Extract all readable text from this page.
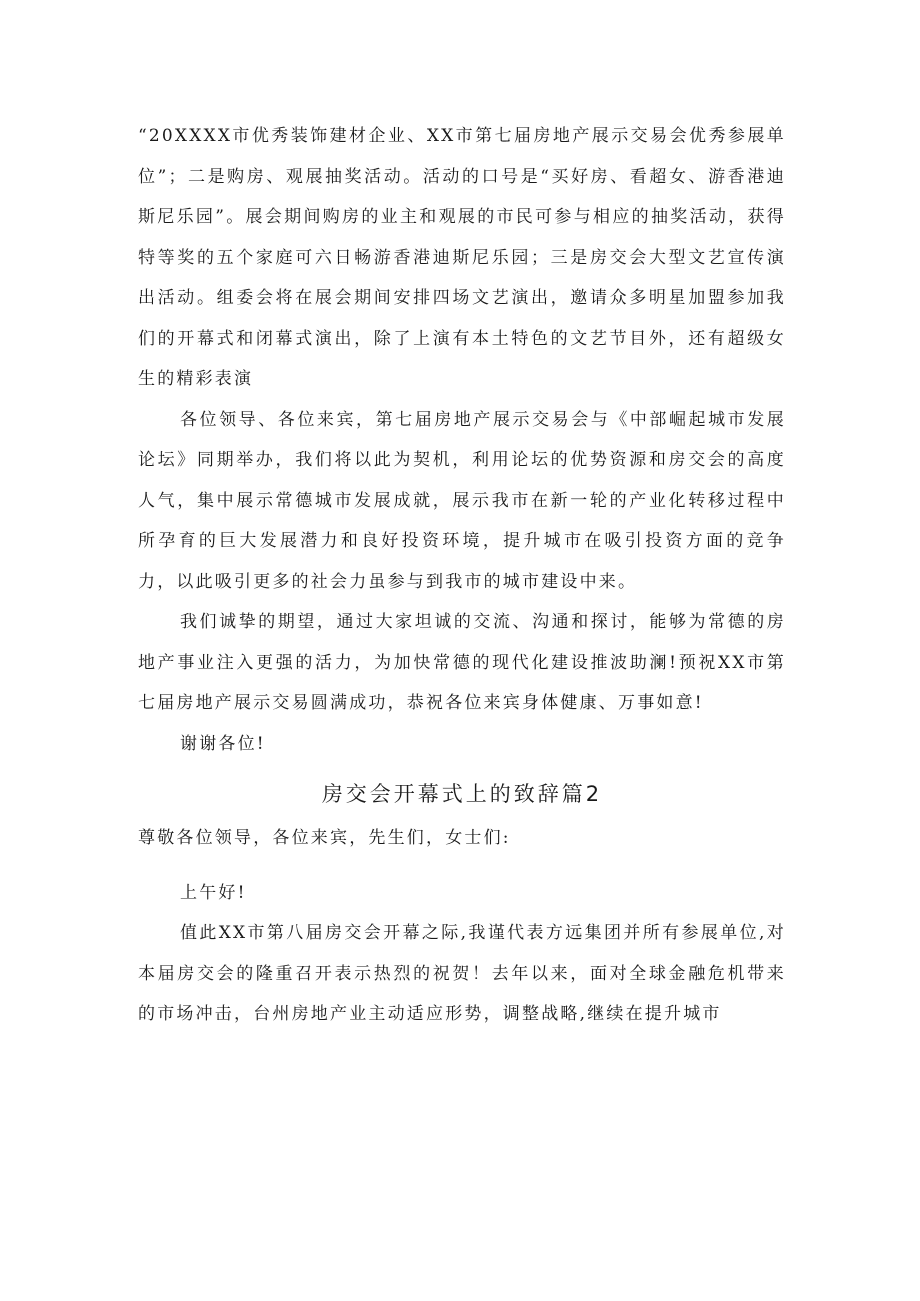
“20XXXX市优秀装饰建材企业、XX市第七届房地产展示交易会优秀参展单位”；二是购房、观展抽奖活动。活动的口号是“买好房、看超女、游香港迪斯尼乐园”。展会期间购房的业主和观展的市民可参与相应的抽奖活动，获得特等奖的五个家庭可六日畅游香港迪斯尼乐园；三是房交会大型文艺宣传演出活动。组委会将在展会期间安排四场文艺演出，邀请众多明星加盟参加我们的开幕式和闭幕式演出，除了上演有本土特色的文艺节目外，还有超级女生的精彩表演

各位领导、各位来宾，第七届房地产展示交易会与《中部崛起城市发展论坛》同期举办，我们将以此为契机，利用论坛的优势资源和房交会的高度人气，集中展示常德城市发展成就，展示我市在新一轮的产业化转移过程中所孕育的巨大发展潜力和良好投资环境，提升城市在吸引投资方面的竞争力，以此吸引更多的社会力虽参与到我市的城市建设中来。

我们诚挚的期望，通过大家坦诚的交流、沟通和探讨，能够为常德的房地产事业注入更强的活力，为加快常德的现代化建设推波助澜!预祝XX市第七届房地产展示交易圆满成功，恭祝各位来宾身体健康、万事如意!

谢谢各位!

房交会开幕式上的致辞篇2

尊敬各位领导，各位来宾，先生们，女士们:

上午好!

值此XX市第八届房交会开幕之际,我谨代表方远集团并所有参展单位,对本届房交会的隆重召开表示热烈的祝贺！去年以来，面对全球金融危机带来的市场冲击，台州房地产业主动适应形势，调整战略,继续在提升城市
